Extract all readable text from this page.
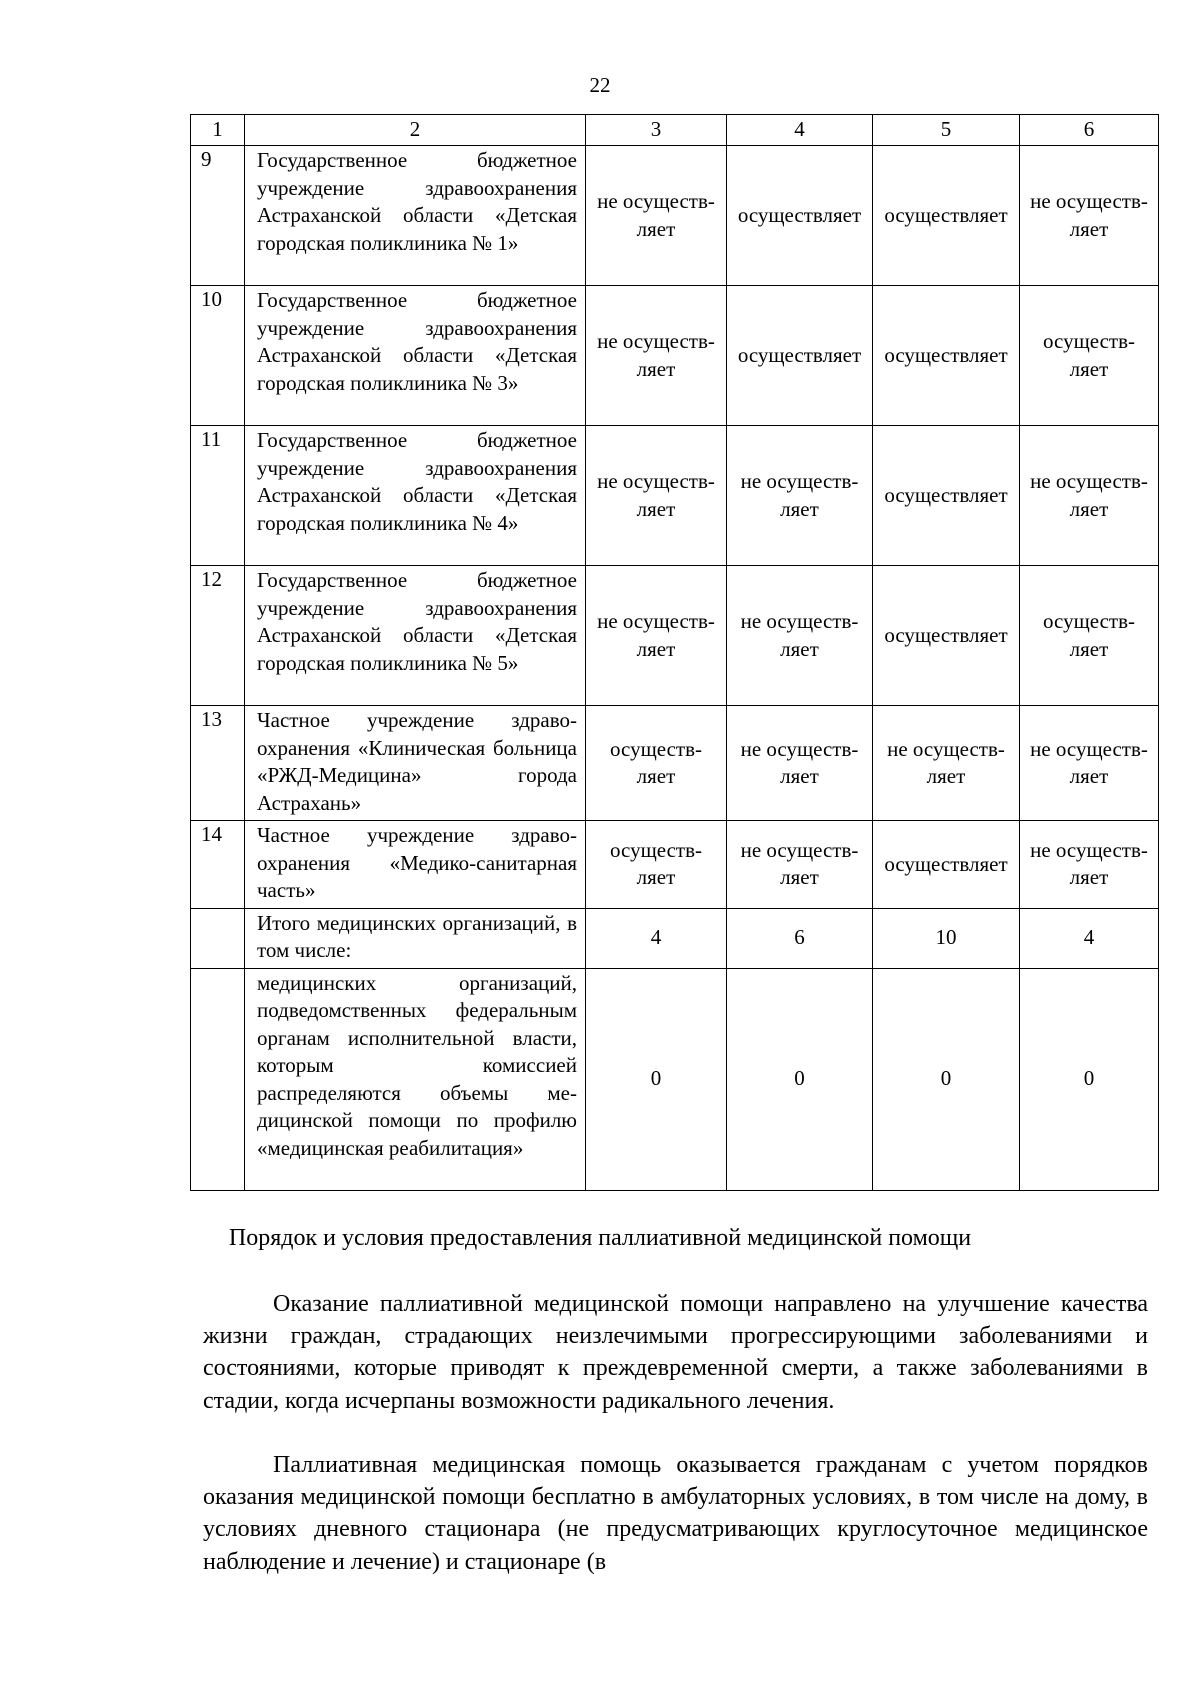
22
1	2	3	4	5	6
9	Государственное бюджетное учреждение здравоохранения Астраханской области «Детская городская поликлиника № 1»	не осуществляет	осуществляет	осуществляет	не осуществляет

10	Государственное бюджетное учреждение здравоохранения Астраханской области «Детская городская поликлиника № 3»	не осуществляет	осуществляет	осуществляет	осуществляет

11	Государственное бюджетное учреждение здравоохранения Астраханской области «Детская городская поликлиника № 4»	не осуществляет	не осуществляет	осуществляет	не осуществляет

12	Государственное бюджетное учреждение здравоохранения Астраханской области «Детская городская поликлиника № 5»	не осуществляет	не осуществляет	осуществляет	осуществляет

13	Частное учреждение здравоохранения «Клиническая больница «РЖД-Медицина» города Астрахань»	осуществляет	не осуществляет	не осуществляет	не осуществляет

14	Частное учреждение здравоохранения «Медико-санитарная часть»	осуществляет	не осуществляет	осуществляет	не осуществляет

	Итого медицинских организаций, в том числе:	4	6	10	4

	медицинских организаций, подведомственных федеральным органам исполнительной власти, которым комиссией распределяются объемы медицинской помощи по профилю «медицинская реабилитация»	0	0	0	0
Порядок и условия предоставления паллиативной медицинской помощи

Оказание паллиативной медицинской помощи направлено на улучшение качества жизни граждан, страдающих неизлечимыми прогрессирующими заболеваниями и состояниями, которые приводят к преждевременной смерти, а также заболеваниями в стадии, когда исчерпаны возможности радикального лечения.

Паллиативная медицинская помощь оказывается гражданам с учетом порядков оказания медицинской помощи бесплатно в амбулаторных условиях, в том числе на дому, в условиях дневного стационара (не предусматривающих круглосуточное медицинское наблюдение и лечение) и стационаре (в
